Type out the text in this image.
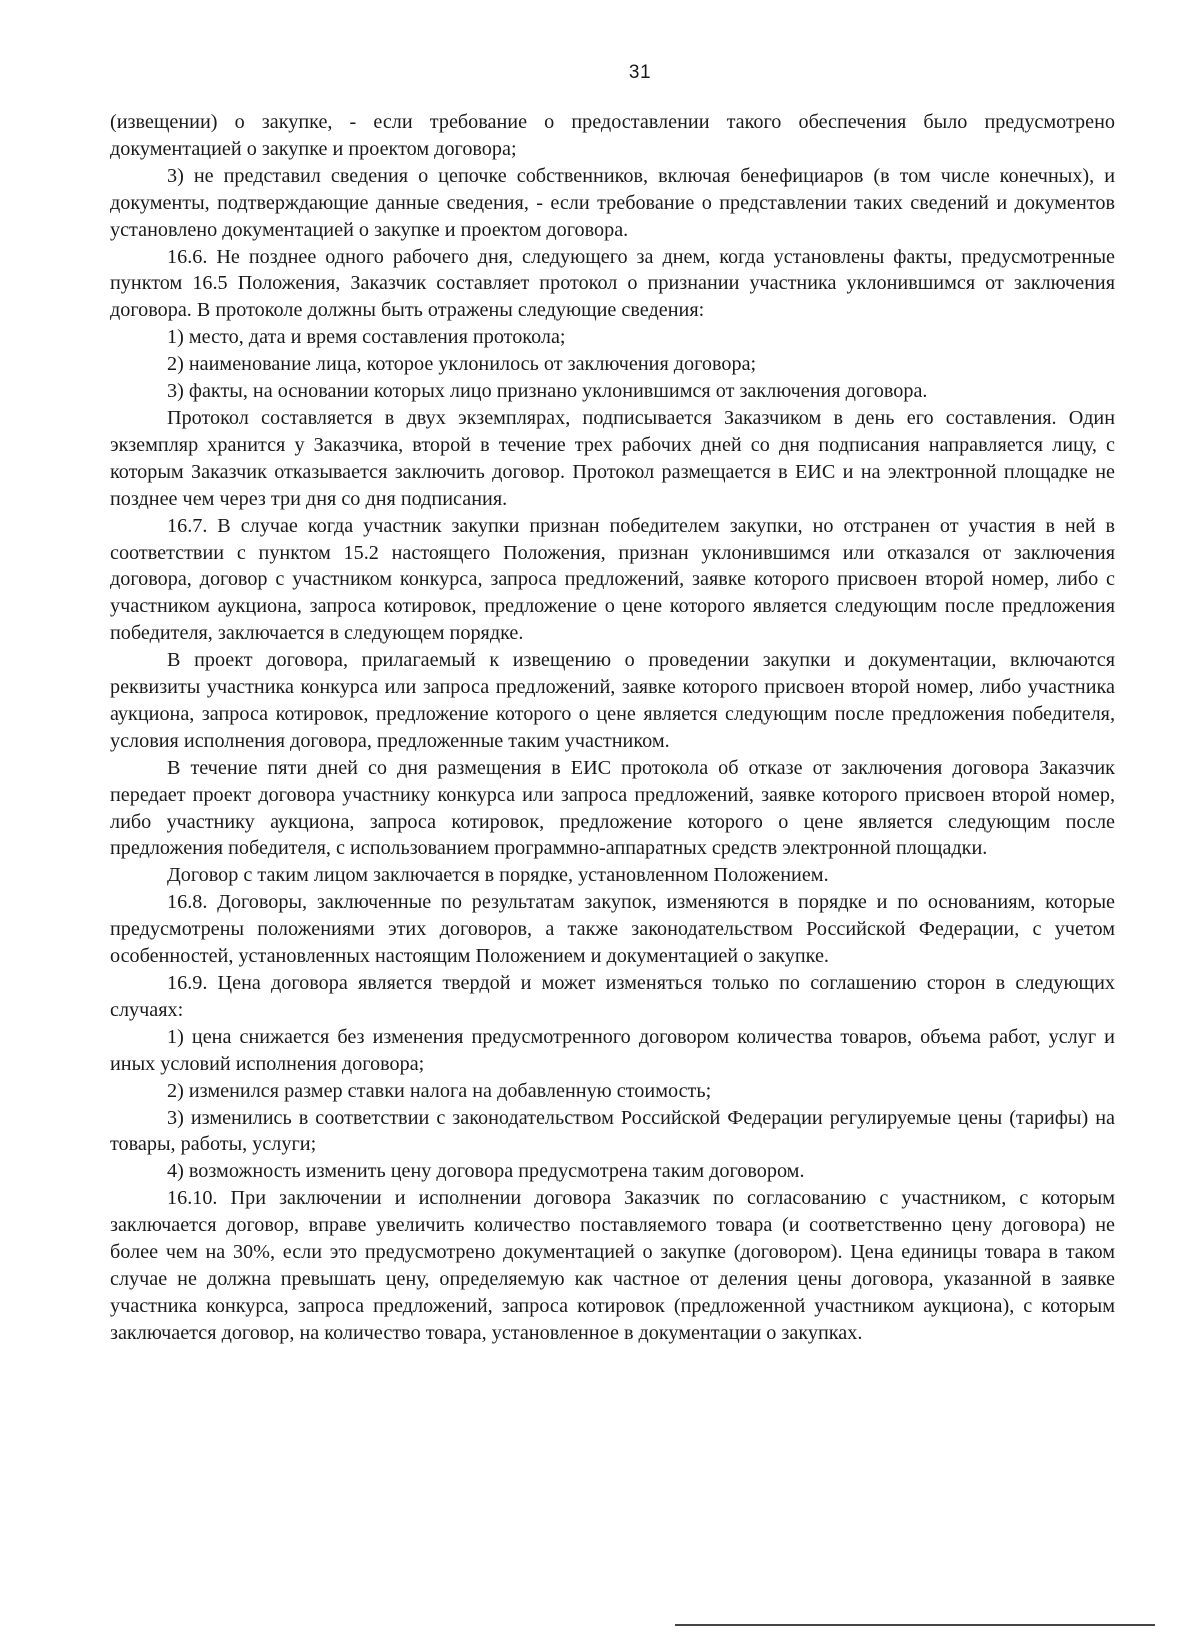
31

(извещении) о закупке, - если требование о предоставлении такого обеспечения было предусмотрено документацией о закупке и проектом договора;

3) не представил сведения о цепочке собственников, включая бенефициаров (в том числе конечных), и документы, подтверждающие данные сведения, - если требование о представлении таких сведений и документов установлено документацией о закупке и проектом договора.

16.6. Не позднее одного рабочего дня, следующего за днем, когда установлены факты, предусмотренные пунктом 16.5 Положения, Заказчик составляет протокол о признании участника уклонившимся от заключения договора. В протоколе должны быть отражены следующие сведения:

1) место, дата и время составления протокола;

2) наименование лица, которое уклонилось от заключения договора;

3) факты, на основании которых лицо признано уклонившимся от заключения договора.

Протокол составляется в двух экземплярах, подписывается Заказчиком в день его составления. Один экземпляр хранится у Заказчика, второй в течение трех рабочих дней со дня подписания направляется лицу, с которым Заказчик отказывается заключить договор. Протокол размещается в ЕИС и на электронной площадке не позднее чем через три дня со дня подписания.

16.7. В случае когда участник закупки признан победителем закупки, но отстранен от участия в ней в соответствии с пунктом 15.2 настоящего Положения, признан уклонившимся или отказался от заключения договора, договор с участником конкурса, запроса предложений, заявке которого присвоен второй номер, либо с участником аукциона, запроса котировок, предложение о цене которого является следующим после предложения победителя, заключается в следующем порядке.

В проект договора, прилагаемый к извещению о проведении закупки и документации, включаются реквизиты участника конкурса или запроса предложений, заявке которого присвоен второй номер, либо участника аукциона, запроса котировок, предложение которого о цене является следующим после предложения победителя, условия исполнения договора, предложенные таким участником.

В течение пяти дней со дня размещения в ЕИС протокола об отказе от заключения договора Заказчик передает проект договора участнику конкурса или запроса предложений, заявке которого присвоен второй номер, либо участнику аукциона, запроса котировок, предложение которого о цене является следующим после предложения победителя, с использованием программно-аппаратных средств электронной площадки.

Договор с таким лицом заключается в порядке, установленном Положением.

16.8. Договоры, заключенные по результатам закупок, изменяются в порядке и по основаниям, которые предусмотрены положениями этих договоров, а также законодательством Российской Федерации, с учетом особенностей, установленных настоящим Положением и документацией о закупке.

16.9. Цена договора является твердой и может изменяться только по соглашению сторон в следующих случаях:

1) цена снижается без изменения предусмотренного договором количества товаров, объема работ, услуг и иных условий исполнения договора;

2) изменился размер ставки налога на добавленную стоимость;

3) изменились в соответствии с законодательством Российской Федерации регулируемые цены (тарифы) на товары, работы, услуги;

4) возможность изменить цену договора предусмотрена таким договором.

16.10. При заключении и исполнении договора Заказчик по согласованию с участником, с которым заключается договор, вправе увеличить количество поставляемого товара (и соответственно цену договора) не более чем на 30%, если это предусмотрено документацией о закупке (договором). Цена единицы товара в таком случае не должна превышать цену, определяемую как частное от деления цены договора, указанной в заявке участника конкурса, запроса предложений, запроса котировок (предложенной участником аукциона), с которым заключается договор, на количество товара, установленное в документации о закупках.
